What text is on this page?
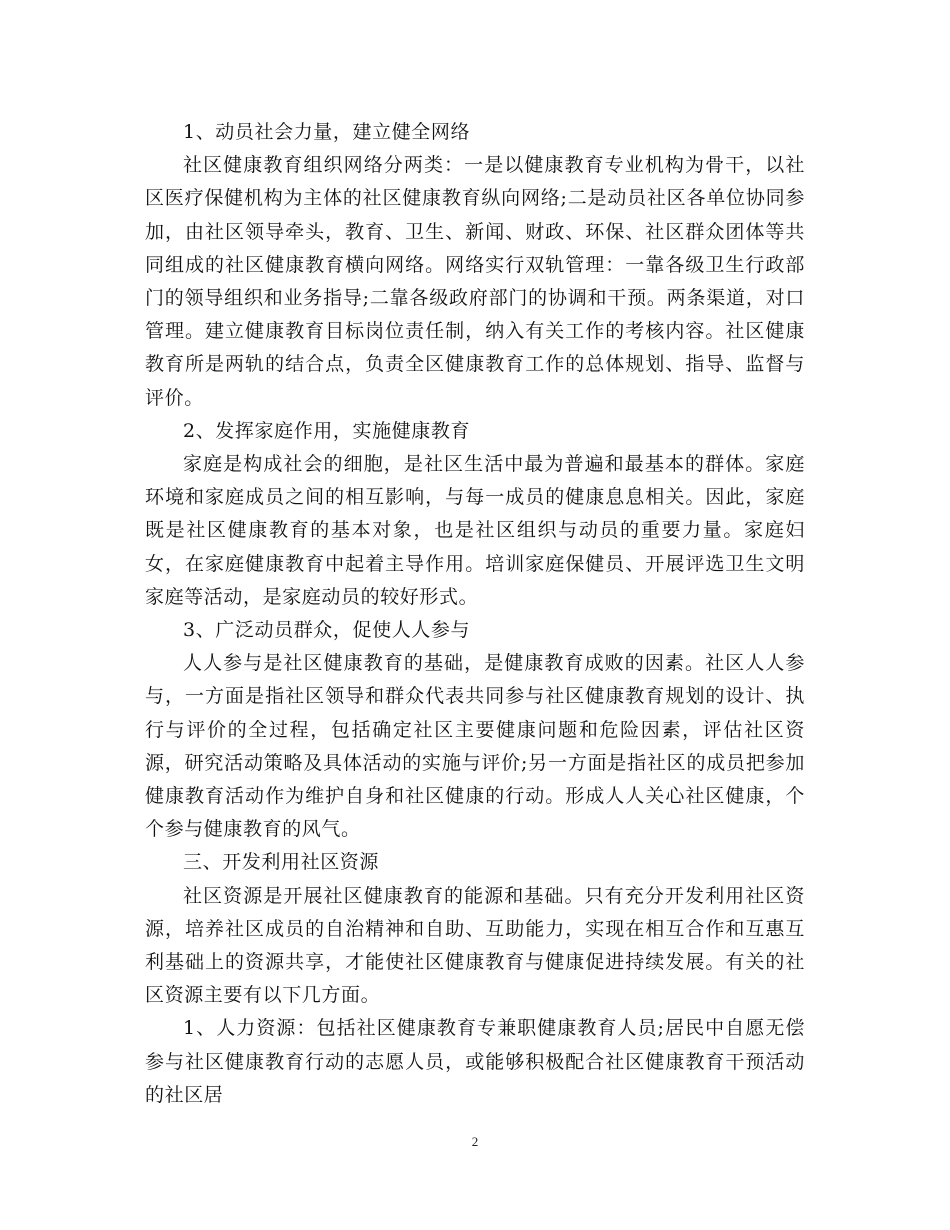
1、动员社会力量，建立健全网络

社区健康教育组织网络分两类：一是以健康教育专业机构为骨干，以社区医疗保健机构为主体的社区健康教育纵向网络;二是动员社区各单位协同参加，由社区领导牵头，教育、卫生、新闻、财政、环保、社区群众团体等共同组成的社区健康教育横向网络。网络实行双轨管理：一靠各级卫生行政部门的领导组织和业务指导;二靠各级政府部门的协调和干预。两条渠道，对口管理。建立健康教育目标岗位责任制，纳入有关工作的考核内容。社区健康教育所是两轨的结合点，负责全区健康教育工作的总体规划、指导、监督与评价。

2、发挥家庭作用，实施健康教育

家庭是构成社会的细胞，是社区生活中最为普遍和最基本的群体。家庭环境和家庭成员之间的相互影响，与每一成员的健康息息相关。因此，家庭既是社区健康教育的基本对象，也是社区组织与动员的重要力量。家庭妇女，在家庭健康教育中起着主导作用。培训家庭保健员、开展评选卫生文明家庭等活动，是家庭动员的较好形式。

3、广泛动员群众，促使人人参与

人人参与是社区健康教育的基础，是健康教育成败的因素。社区人人参与，一方面是指社区领导和群众代表共同参与社区健康教育规划的设计、执行与评价的全过程，包括确定社区主要健康问题和危险因素，评估社区资源，研究活动策略及具体活动的实施与评价;另一方面是指社区的成员把参加健康教育活动作为维护自身和社区健康的行动。形成人人关心社区健康，个个参与健康教育的风气。

三、开发利用社区资源

社区资源是开展社区健康教育的能源和基础。只有充分开发利用社区资源，培养社区成员的自治精神和自助、互助能力，实现在相互合作和互惠互利基础上的资源共享，才能使社区健康教育与健康促进持续发展。有关的社区资源主要有以下几方面。

1、人力资源：包括社区健康教育专兼职健康教育人员;居民中自愿无偿参与社区健康教育行动的志愿人员，或能够积极配合社区健康教育干预活动的社区居

2
